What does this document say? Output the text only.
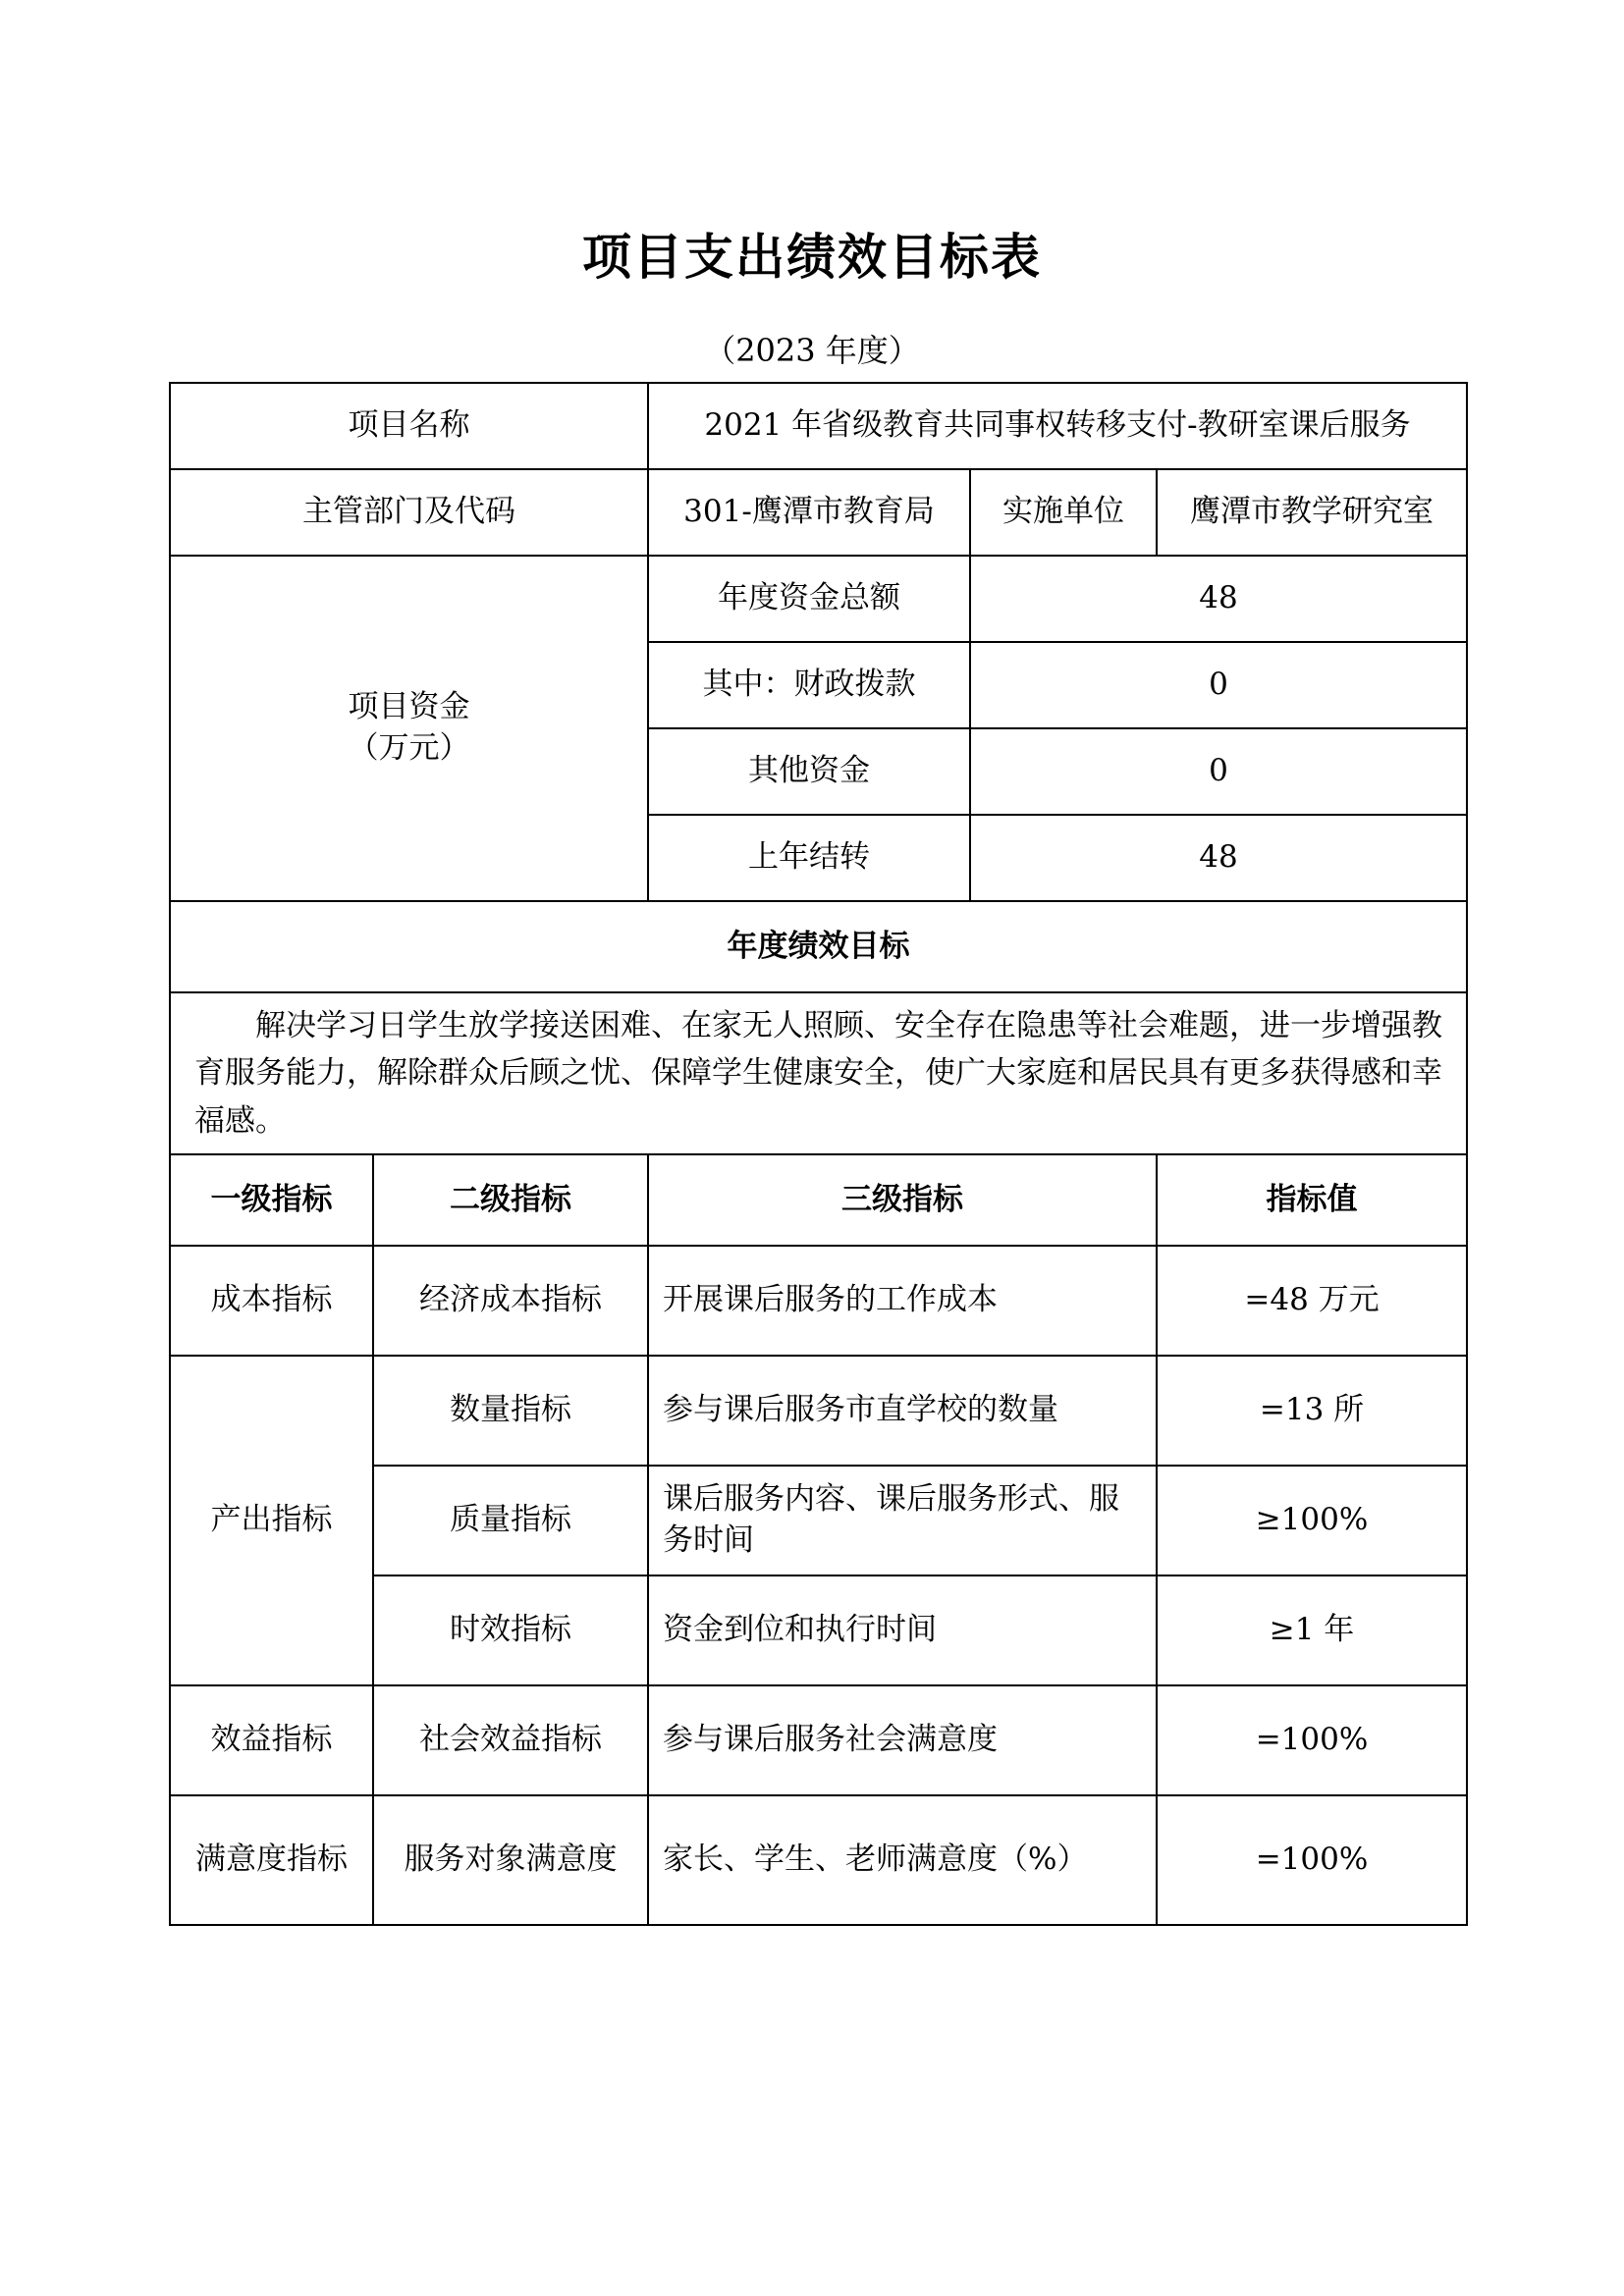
项目支出绩效目标表
（2023 年度）
项目名称		2021 年省级教育共同事权转移支付-教研室课后服务		
主管部门及代码		301-鹰潭市教育局	实施单位	鹰潭市教学研究室

项目资金
（万元）		年度资金总额	48	
		其中：财政拨款	0	
		其他资金	0	
		上年结转	48	
年度绩效目标				
解决学习日学生放学接送困难、在家无人照顾、安全存在隐患等社会难题，进一步增强教育服务能力，解除群众后顾之忧、保障学生健康安全，使广大家庭和居民具有更多获得感和幸福感。				
一级指标	二级指标	三级指标		指标值
成本指标	经济成本指标	开展课后服务的工作成本		=48 万元
产出指标	数量指标	参与课后服务市直学校的数量		=13 所
	质量指标	课后服务内容、课后服务形式、服务时间		≥100%
	时效指标	资金到位和执行时间		≥1 年
效益指标	社会效益指标	参与课后服务社会满意度		=100%
满意度指标	服务对象满意度	家长、学生、老师满意度（%）		=100%
